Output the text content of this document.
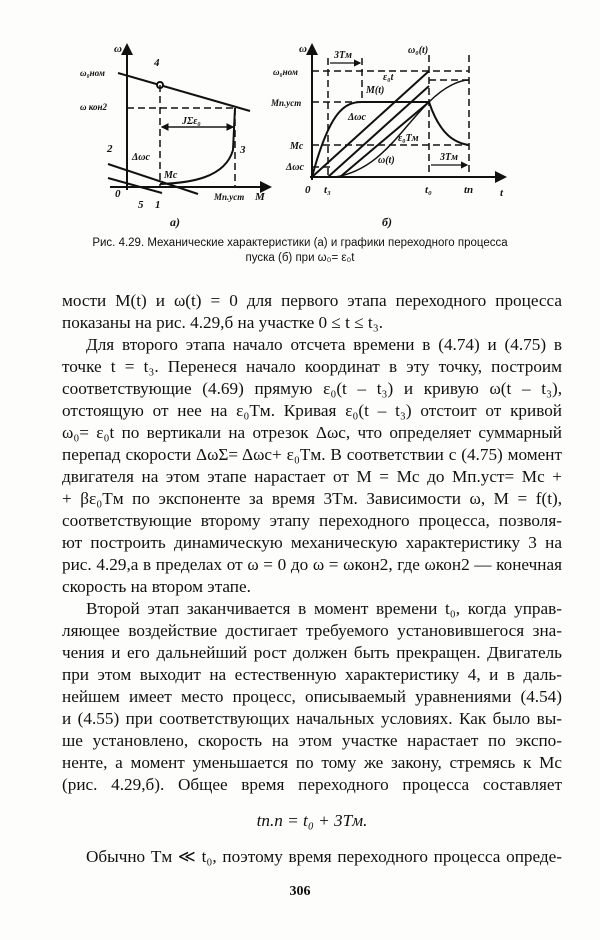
ω
M
ω₀ном
ω кон2
Δωc
Mc
Mп.уст
JΣε₀
4
2	3
5 1
0
а)
ω
t
ω₀ном
Mп.уст
Mc
Δωc
0 t₃	t₀	tп
3Tм
3Tм
ω₀(t)
ε₀t
M(t)
Δωс
ε₀Tм
ω(t)
б)
Рис. 4.29. Механические характеристики (а) и графики переходного процесса
пуска (б) при ω₀= ε₀t
мости M(t) и ω(t) = 0 для первого этапа переходного процесса
показаны на рис. 4.29,б на участке 0 ≤ t ≤ t₃.
Для второго этапа начало отсчета времени в (4.74) и (4.75) в
точке t = t₃. Перенеся начало координат в эту точку, построим
соответствующие (4.69) прямую ε₀(t – t₃) и кривую ω(t – t₃),
отстоящую от нее на ε₀Tм. Кривая ε₀(t – t₃) отстоит от кривой
ω₀= ε₀t по вертикали на отрезок Δωc, что определяет суммарный
перепад скорости ΔωΣ= Δωc+ ε₀Tм. В соответствии с (4.75) момент
двигателя на этом этапе нарастает от M = Mc до Mп.уст= Mc +
+ βε₀Tм по экспоненте за время 3Tм. Зависимости ω, M = f(t),
соответствующие второму этапу переходного процесса, позволя-
ют построить динамическую механическую характеристику 3 на
рис. 4.29,а в пределах от ω = 0 до ω = ωкон2, где ωкон2 — конечная
скорость на втором этапе.
Второй этап заканчивается в момент времени t₀, когда управ-
ляющее воздействие достигает требуемого установившегося зна-
чения и его дальнейший рост должен быть прекращен. Двигатель
при этом выходит на естественную характеристику 4, и в даль-
нейшем имеет место процесс, описываемый уравнениями (4.54)
и (4.55) при соответствующих начальных условиях. Как было вы-
ше установлено, скорость на этом участке нарастает по экспо-
ненте, а момент уменьшается по тому же закону, стремясь к Mc
(рис. 4.29,б). Общее время переходного процесса составляет
tп.п = t₀ + 3Tм.
Обычно Tм ≪ t₀, поэтому время переходного процесса опреде-
306
